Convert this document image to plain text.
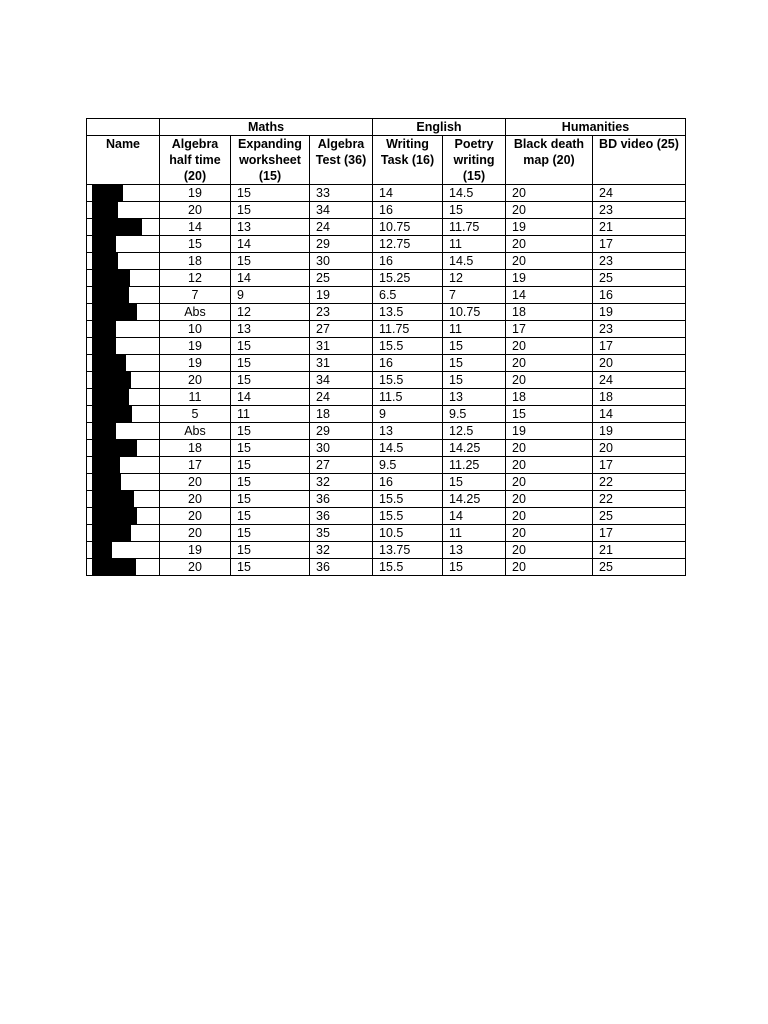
	Maths			English		Humanities	
Name	Algebra half time (20)	Expanding worksheet (15)	Algebra Test (36)	Writing Task (16)	Poetry writing (15)	Black death map (20)	BD video (25)

	19	15	33	14	14.5	20	24

	20	15	34	16	15	20	23

	14	13	24	10.75	11.75	19	21

	15	14	29	12.75	11	20	17

	18	15	30	16	14.5	20	23

	12	14	25	15.25	12	19	25

	7	9	19	6.5	7	14	16

	Abs	12	23	13.5	10.75	18	19

	10	13	27	11.75	11	17	23

	19	15	31	15.5	15	20	17

	19	15	31	16	15	20	20

	20	15	34	15.5	15	20	24

	11	14	24	11.5	13	18	18

	5	11	18	9	9.5	15	14

	Abs	15	29	13	12.5	19	19

	18	15	30	14.5	14.25	20	20

	17	15	27	9.5	11.25	20	17

	20	15	32	16	15	20	22

	20	15	36	15.5	14.25	20	22

	20	15	36	15.5	14	20	25

	20	15	35	10.5	11	20	17

	19	15	32	13.75	13	20	21

	20	15	36	15.5	15	20	25
